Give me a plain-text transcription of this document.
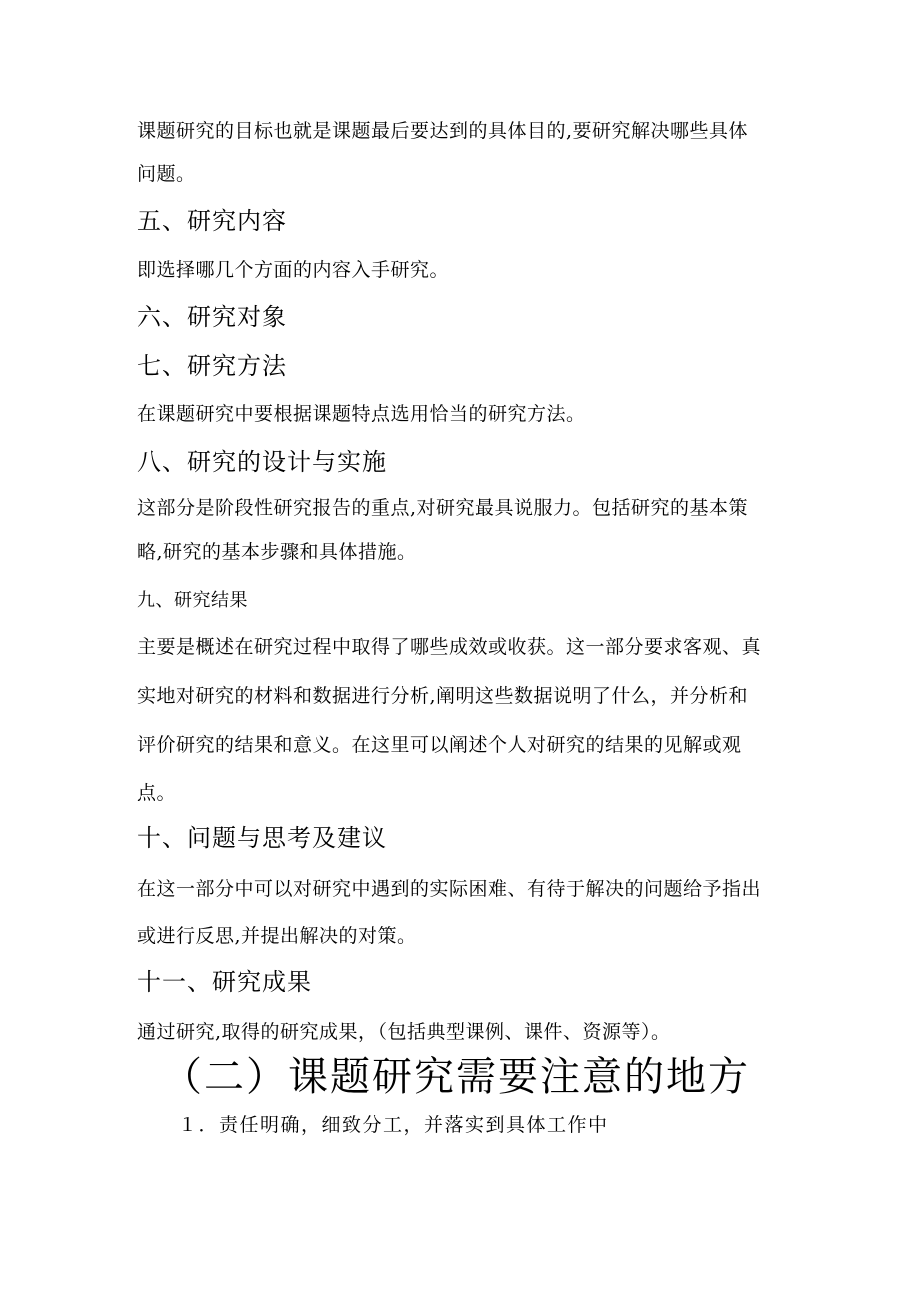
课题研究的目标也就是课题最后要达到的具体目的,要研究解决哪些具体

问题。

五、研究内容

即选择哪几个方面的内容入手研究。

六、研究对象

七、研究方法

在课题研究中要根据课题特点选用恰当的研究方法。

八、研究的设计与实施

这部分是阶段性研究报告的重点,对研究最具说服力。包括研究的基本策

略,研究的基本步骤和具体措施。

九、研究结果

主要是概述在研究过程中取得了哪些成效或收获。这一部分要求客观、真

实地对研究的材料和数据进行分析,阐明这些数据说明了什么，并分析和

评价研究的结果和意义。在这里可以阐述个人对研究的结果的见解或观

点。

十、问题与思考及建议

在这一部分中可以对研究中遇到的实际困难、有待于解决的问题给予指出

或进行反思,并提出解决的对策。

十一、研究成果

通过研究,取得的研究成果，（包括典型课例、课件、资源等）。

（二）课题研究需要注意的地方

１．责任明确，细致分工，并落实到具体工作中
